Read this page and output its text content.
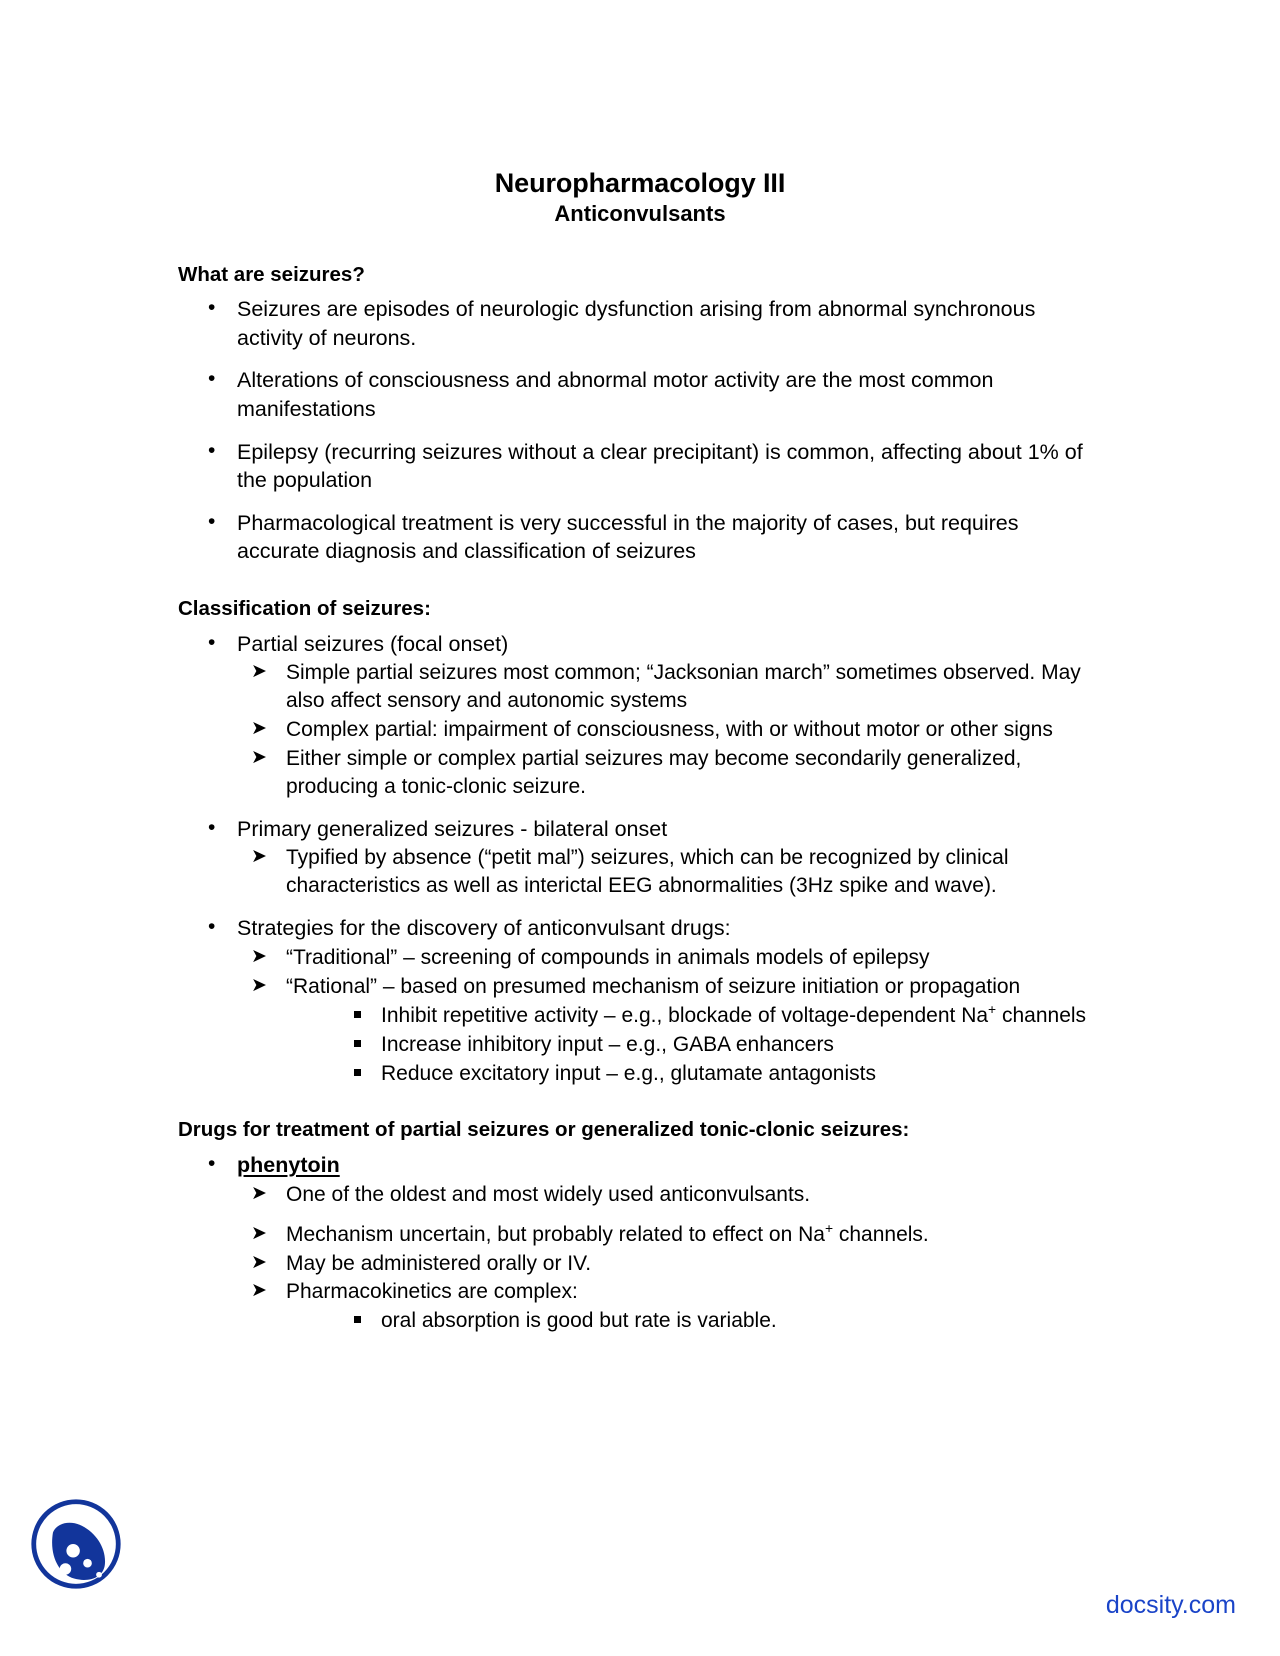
Neuropharmacology III
Anticonvulsants
What are seizures?
• Seizures are episodes of neurologic dysfunction arising from abnormal synchronous activity of neurons.
• Alterations of consciousness and abnormal motor activity are the most common manifestations
• Epilepsy (recurring seizures without a clear precipitant) is common, affecting about 1% of the population
• Pharmacological treatment is very successful in the majority of cases, but requires accurate diagnosis and classification of seizures
Classification of seizures:
• Partial seizures (focal onset)
➤ Simple partial seizures most common; “Jacksonian march” sometimes observed. May also affect sensory and autonomic systems
➤ Complex partial: impairment of consciousness, with or without motor or other signs
➤ Either simple or complex partial seizures may become secondarily generalized, producing a tonic-clonic seizure.
• Primary generalized seizures - bilateral onset
➤ Typified by absence (“petit mal”) seizures, which can be recognized by clinical characteristics as well as interictal EEG abnormalities (3Hz spike and wave).
• Strategies for the discovery of anticonvulsant drugs:
➤ “Traditional” – screening of compounds in animals models of epilepsy
➤ “Rational” – based on presumed mechanism of seizure initiation or propagation
Inhibit repetitive activity – e.g., blockade of voltage-dependent Na+ channels
Increase inhibitory input – e.g., GABA enhancers
Reduce excitatory input – e.g., glutamate antagonists
Drugs for treatment of partial seizures or generalized tonic-clonic seizures:
• phenytoin
➤ One of the oldest and most widely used anticonvulsants.
➤ Mechanism uncertain, but probably related to effect on Na+ channels.
➤ May be administered orally or IV.
➤ Pharmacokinetics are complex:
oral absorption is good but rate is variable.
docsity.com
